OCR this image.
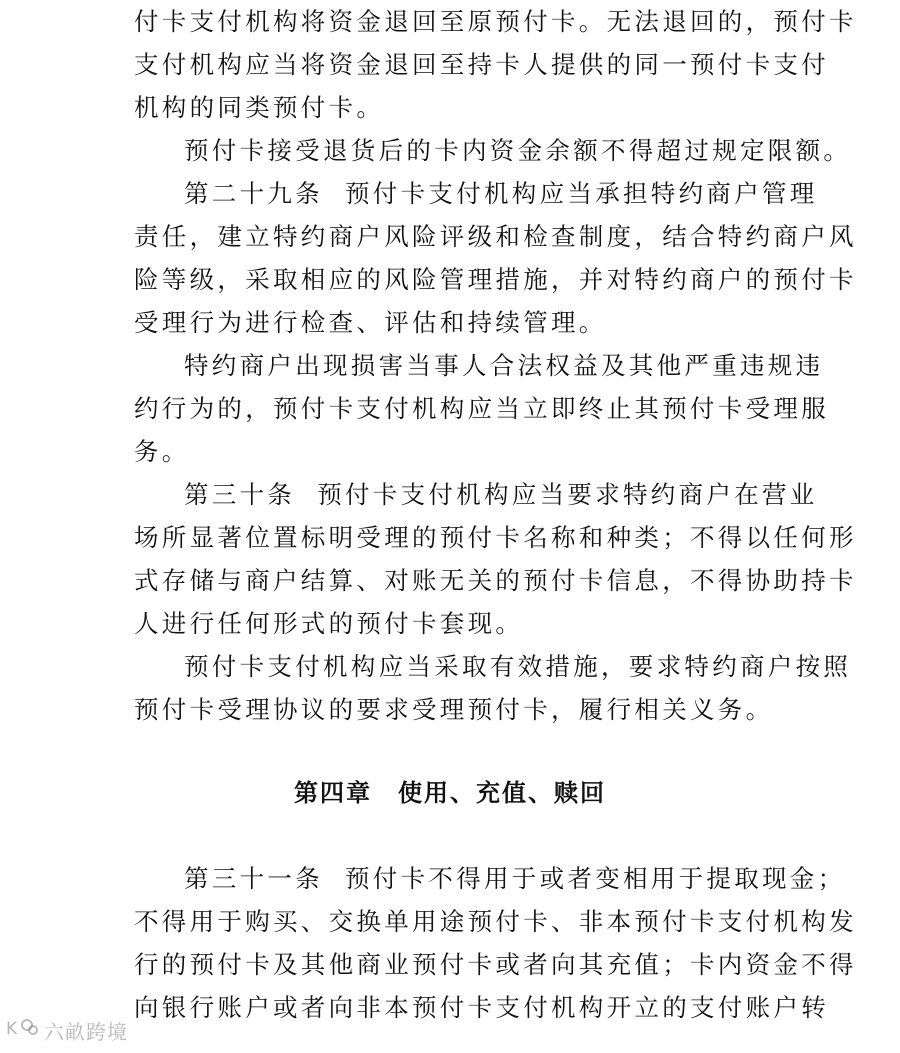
付卡支付机构将资金退回至原预付卡。无法退回的，预付卡
支付机构应当将资金退回至持卡人提供的同一预付卡支付
机构的同类预付卡。
预付卡接受退货后的卡内资金余额不得超过规定限额。
第二十九条 预付卡支付机构应当承担特约商户管理
责任，建立特约商户风险评级和检查制度，结合特约商户风
险等级，采取相应的风险管理措施，并对特约商户的预付卡
受理行为进行检查、评估和持续管理。
特约商户出现损害当事人合法权益及其他严重违规违
约行为的，预付卡支付机构应当立即终止其预付卡受理服
务。
第三十条 预付卡支付机构应当要求特约商户在营业
场所显著位置标明受理的预付卡名称和种类；不得以任何形
式存储与商户结算、对账无关的预付卡信息，不得协助持卡
人进行任何形式的预付卡套现。
预付卡支付机构应当采取有效措施，要求特约商户按照
预付卡受理协议的要求受理预付卡，履行相关义务。
第四章 使用、充值、赎回
第三十一条 预付卡不得用于或者变相用于提取现金；
不得用于购买、交换单用途预付卡、非本预付卡支付机构发
行的预付卡及其他商业预付卡或者向其充值；卡内资金不得
向银行账户或者向非本预付卡支付机构开立的支付账户转
K 六畝跨境
